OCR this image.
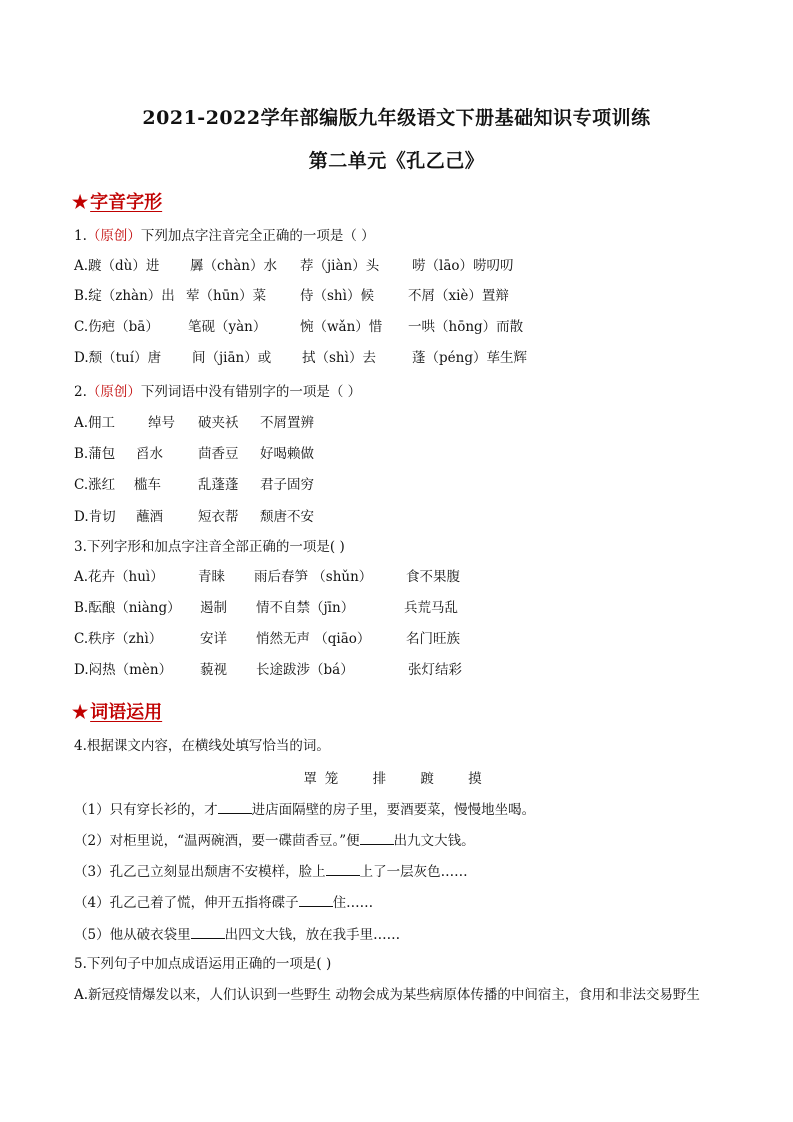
2021-2022学年部编版九年级语文下册基础知识专项训练
第二单元《孔乙己》
★ 字音字形
1.（原创）下列加点字注音完全正确的一项是（ ）
A.踱（dù）进 羼（chàn）水 荐（jiàn）头 唠（lāo）唠叨叨
B.绽（zhàn）出 荤（hūn）菜	侍（shì）候	不屑（xiè）置辩
C.伤疤（bā） 笔砚（yàn） 惋（wǎn）惜 一哄（hōng）而散
D.颓（tuí）唐 间（jiān）或 拭（shì）去	蓬（péng）荜生辉
2.（原创）下列词语中没有错别字的一项是（ ）
A.佣工 绰号 破夹袄 不屑置辨
B.蒲包 舀水	茴香豆 好喝赖做
C.涨红 槛车	乱蓬蓬 君子固穷
D.肯切 蘸酒	短衣帮 颓唐不安
3.下列字形和加点字注音全部正确的一项是( )
A.花卉（huì）	青睐 雨后春笋 （shǔn） 食不果腹
B.酝酿（niàng） 遏制 情不自禁（jīn）	兵荒马乱
C.秩序（zhì）	安详 悄然无声 （qiāo）	名门旺族
D.闷热（mèn） 藐视 长途跋涉（bá）	张灯结彩
★ 词语运用
4.根据课文内容，在横线处填写恰当的词。
罩笼 排 踱 摸
（1）只有穿长衫的，才	进店面隔壁的房子里，要酒要菜，慢慢地坐喝。
（2）对柜里说，“温两碗酒，要一碟茴香豆。”便	出九文大钱。
（3）孔乙己立刻显出颓唐不安模样，脸上	上了一层灰色……
（4）孔乙己着了慌，伸开五指将碟子	住……
（5）他从破衣袋里	出四文大钱，放在我手里……
5.下列句子中加点成语运用正确的一项是( )
A.新冠疫情爆发以来，人们认识到一些野生 动物会成为某些病原体传播的中间宿主，食用和非法交易野生
